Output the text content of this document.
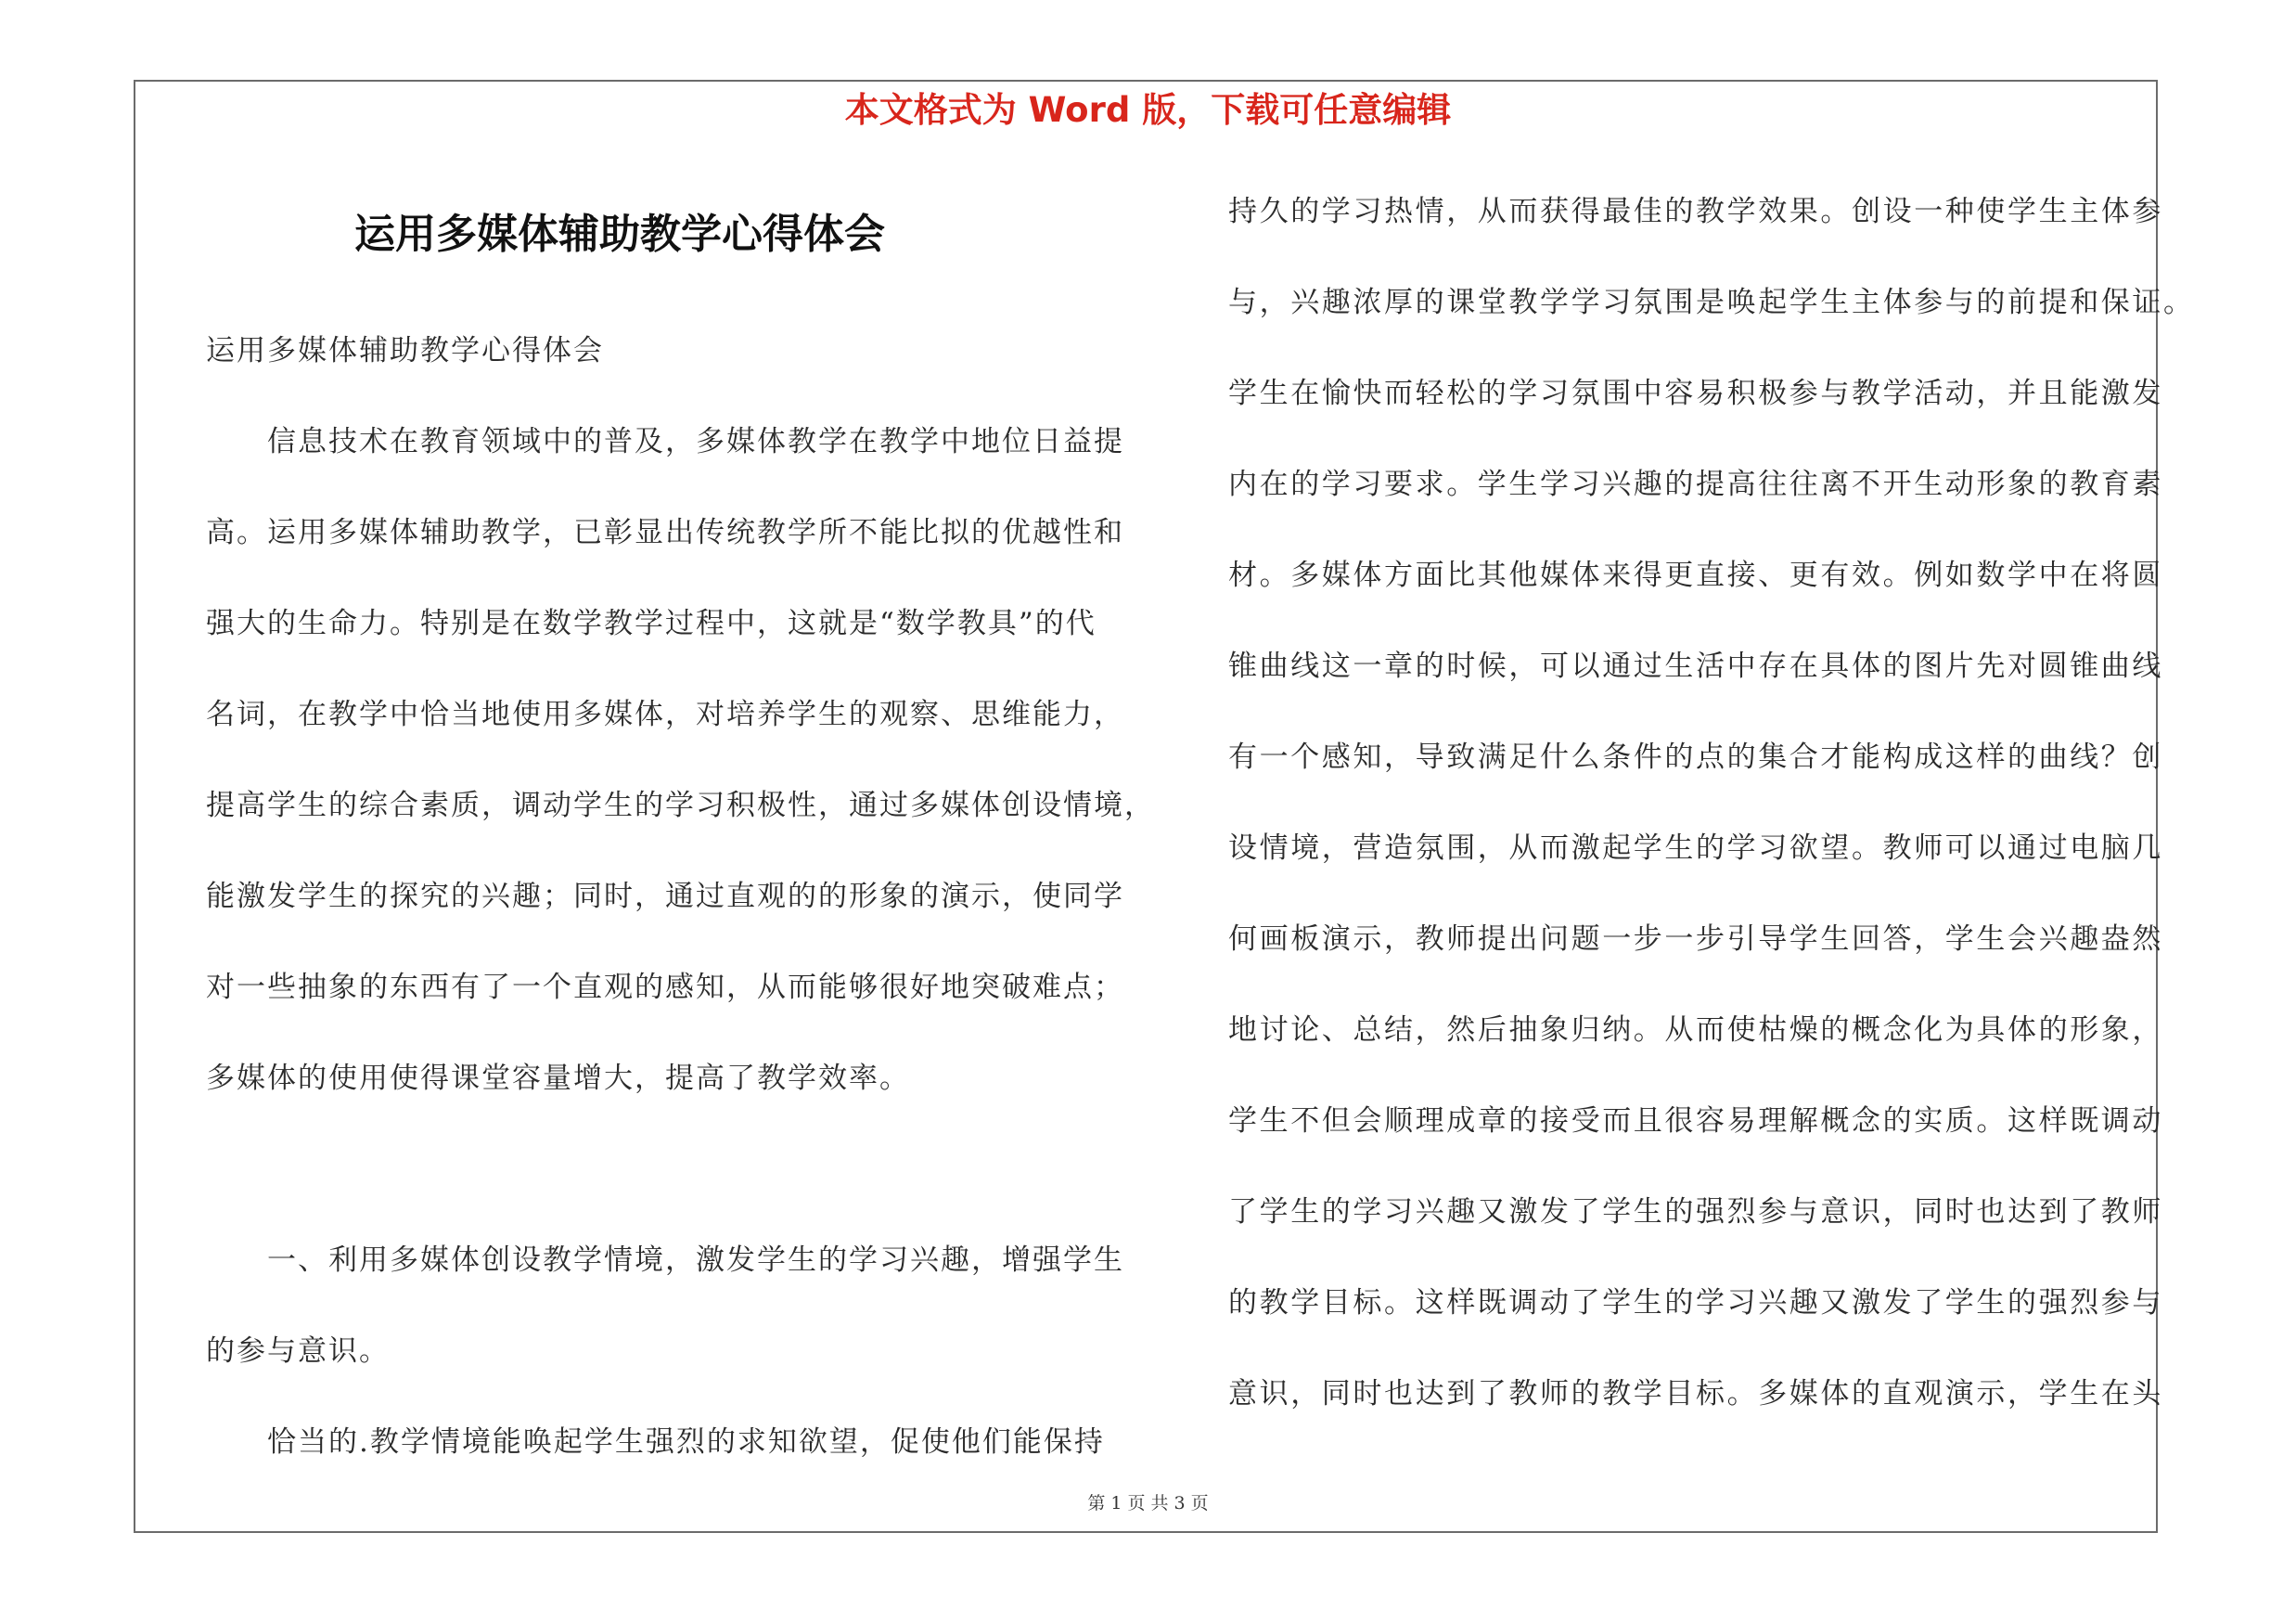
本文格式为 Word 版，下载可任意编辑
运用多媒体辅助教学心得体会
运用多媒体辅助教学心得体会
信息技术在教育领域中的普及，多媒体教学在教学中地位日益提
高。运用多媒体辅助教学，已彰显出传统教学所不能比拟的优越性和
强大的生命力。特别是在数学教学过程中，这就是“数学教具”的代
名词，在教学中恰当地使用多媒体，对培养学生的观察、思维能力，
提高学生的综合素质，调动学生的学习积极性，通过多媒体创设情境，
能激发学生的探究的兴趣；同时，通过直观的的形象的演示，使同学
对一些抽象的东西有了一个直观的感知，从而能够很好地突破难点；
多媒体的使用使得课堂容量增大，提高了教学效率。
一、利用多媒体创设教学情境，激发学生的学习兴趣，增强学生
的参与意识。
恰当的.教学情境能唤起学生强烈的求知欲望，促使他们能保持
持久的学习热情，从而获得最佳的教学效果。创设一种使学生主体参
与，兴趣浓厚的课堂教学学习氛围是唤起学生主体参与的前提和保证。
学生在愉快而轻松的学习氛围中容易积极参与教学活动，并且能激发
内在的学习要求。学生学习兴趣的提高往往离不开生动形象的教育素
材。多媒体方面比其他媒体来得更直接、更有效。例如数学中在将圆
锥曲线这一章的时候，可以通过生活中存在具体的图片先对圆锥曲线
有一个感知，导致满足什么条件的点的集合才能构成这样的曲线？创
设情境，营造氛围，从而激起学生的学习欲望。教师可以通过电脑几
何画板演示，教师提出问题一步一步引导学生回答，学生会兴趣盎然
地讨论、总结，然后抽象归纳。从而使枯燥的概念化为具体的形象，
学生不但会顺理成章的接受而且很容易理解概念的实质。这样既调动
了学生的学习兴趣又激发了学生的强烈参与意识，同时也达到了教师
的教学目标。这样既调动了学生的学习兴趣又激发了学生的强烈参与
意识，同时也达到了教师的教学目标。多媒体的直观演示，学生在头
第 1 页 共 3 页
